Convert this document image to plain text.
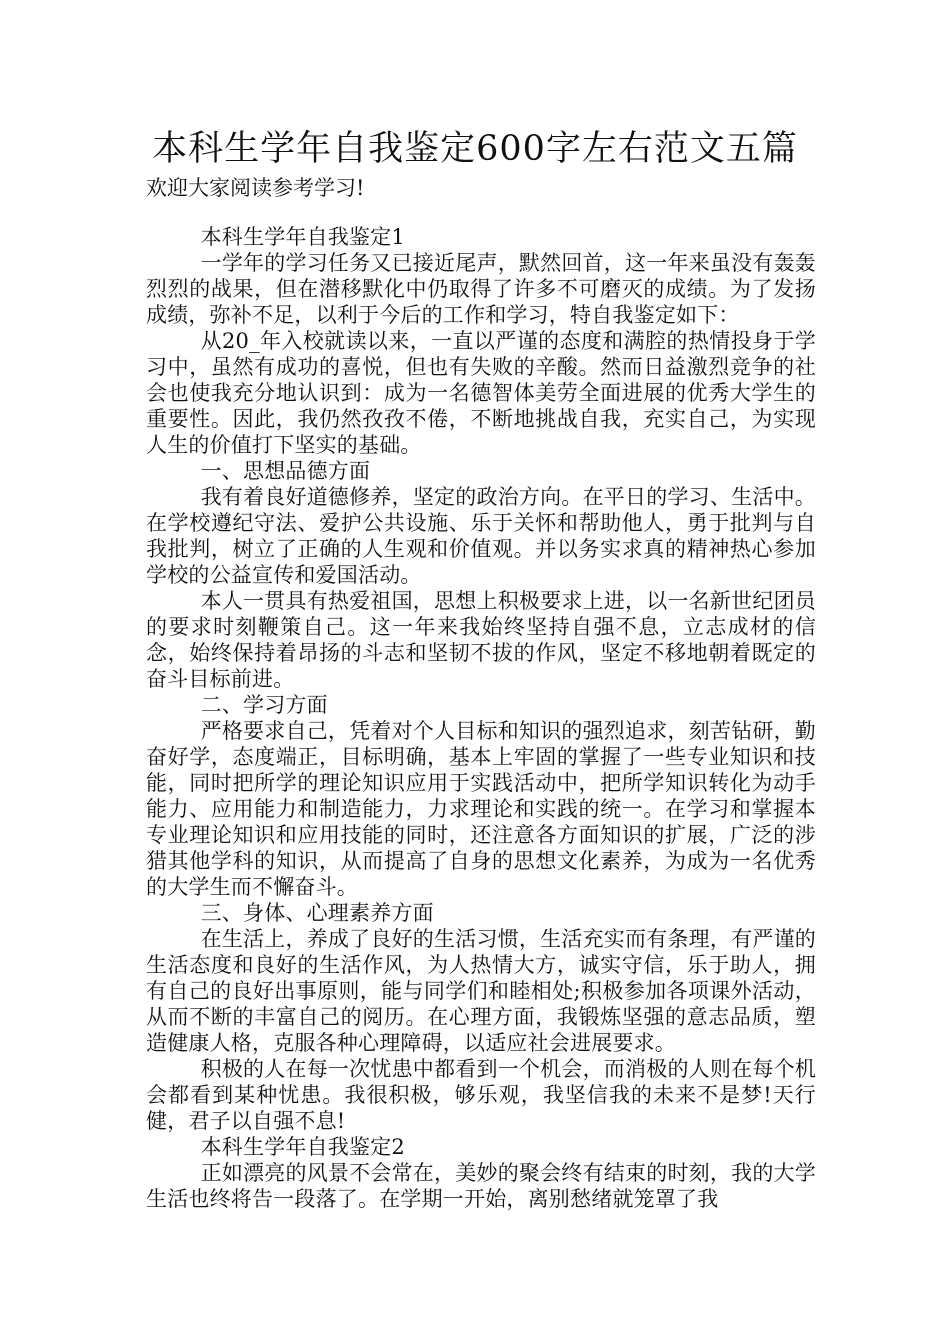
本科生学年自我鉴定600字左右范文五篇
欢迎大家阅读参考学习!

本科生学年自我鉴定1

一学年的学习任务又已接近尾声，默然回首，这一年来虽没有轰轰烈烈的战果，但在潜移默化中仍取得了许多不可磨灭的成绩。为了发扬成绩，弥补不足，以利于今后的工作和学习，特自我鉴定如下：

从20_年入校就读以来，一直以严谨的态度和满腔的热情投身于学习中，虽然有成功的喜悦，但也有失败的辛酸。然而日益激烈竞争的社会也使我充分地认识到：成为一名德智体美劳全面进展的优秀大学生的重要性。因此，我仍然孜孜不倦，不断地挑战自我，充实自己，为实现人生的价值打下坚实的基础。

一、思想品德方面

我有着良好道德修养，坚定的政治方向。在平日的学习、生活中。在学校遵纪守法、爱护公共设施、乐于关怀和帮助他人，勇于批判与自我批判，树立了正确的人生观和价值观。并以务实求真的精神热心参加学校的公益宣传和爱国活动。

本人一贯具有热爱祖国，思想上积极要求上进，以一名新世纪团员的要求时刻鞭策自己。这一年来我始终坚持自强不息，立志成材的信念，始终保持着昂扬的斗志和坚韧不拔的作风，坚定不移地朝着既定的奋斗目标前进。

二、学习方面

严格要求自己，凭着对个人目标和知识的强烈追求，刻苦钻研，勤奋好学，态度端正，目标明确，基本上牢固的掌握了一些专业知识和技能，同时把所学的理论知识应用于实践活动中，把所学知识转化为动手能力、应用能力和制造能力，力求理论和实践的统一。在学习和掌握本专业理论知识和应用技能的同时，还注意各方面知识的扩展，广泛的涉猎其他学科的知识，从而提高了自身的思想文化素养，为成为一名优秀的大学生而不懈奋斗。

三、身体、心理素养方面

在生活上，养成了良好的生活习惯，生活充实而有条理，有严谨的生活态度和良好的生活作风，为人热情大方，诚实守信，乐于助人，拥有自己的良好出事原则，能与同学们和睦相处;积极参加各项课外活动，从而不断的丰富自己的阅历。在心理方面，我锻炼坚强的意志品质，塑造健康人格，克服各种心理障碍，以适应社会进展要求。

积极的人在每一次忧患中都看到一个机会，而消极的人则在每个机会都看到某种忧患。我很积极，够乐观，我坚信我的未来不是梦!天行健，君子以自强不息!

本科生学年自我鉴定2

正如漂亮的风景不会常在，美妙的聚会终有结束的时刻，我的大学生活也终将告一段落了。在学期一开始，离别愁绪就笼罩了我
